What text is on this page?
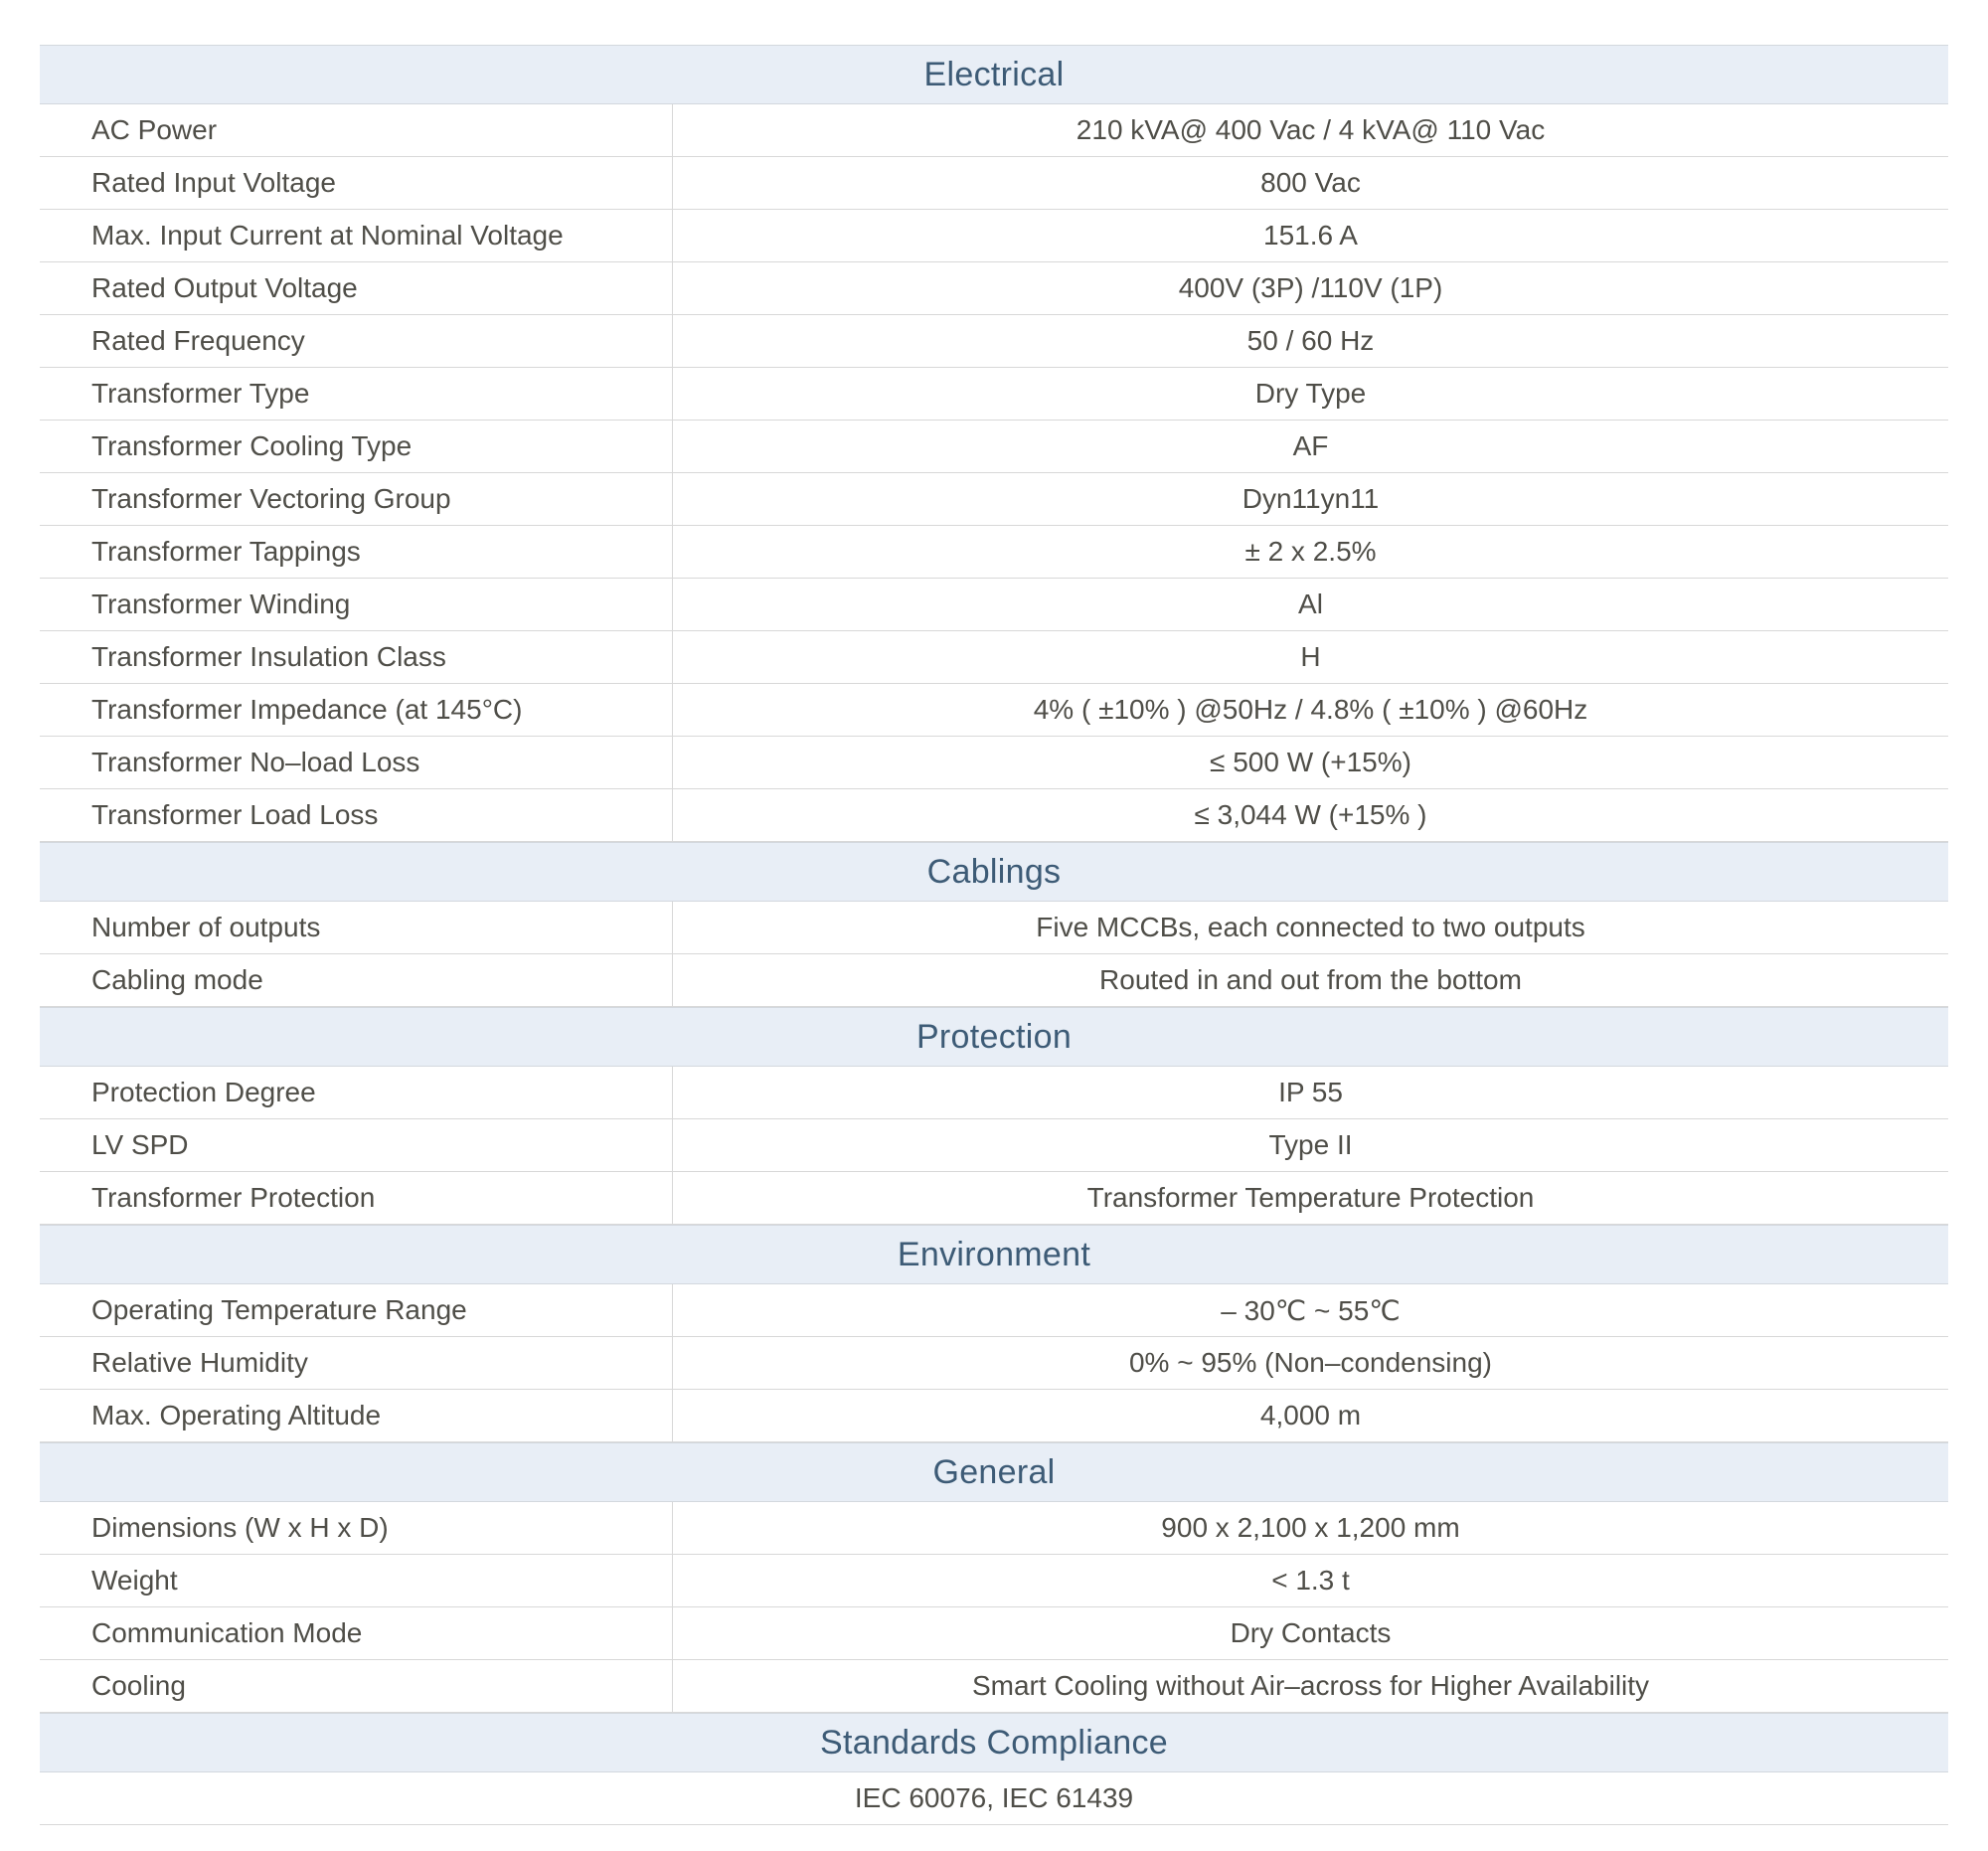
Electrical
AC Power	210 kVA@ 400 Vac / 4 kVA@ 110 Vac
Rated Input Voltage	800 Vac
Max. Input Current at Nominal Voltage	151.6 A
Rated Output Voltage	400V (3P) /110V (1P)
Rated Frequency	50 / 60 Hz
Transformer Type	Dry Type
Transformer Cooling Type	AF
Transformer Vectoring Group	Dyn11yn11
Transformer Tappings	± 2 x 2.5%
Transformer Winding	Al
Transformer Insulation Class	H
Transformer Impedance (at 145°C)	4% ( ±10% ) @50Hz / 4.8% ( ±10% ) @60Hz
Transformer No–load Loss	≤ 500 W (+15%)
Transformer Load Loss	≤ 3,044 W (+15% )
Cablings
Number of outputs	Five MCCBs, each connected to two outputs
Cabling mode	Routed in and out from the bottom
Protection
Protection Degree	IP 55
LV SPD	Type II
Transformer Protection	Transformer Temperature Protection
Environment
Operating Temperature Range	– 30℃ ~ 55℃
Relative Humidity	0% ~ 95% (Non–condensing)
Max. Operating Altitude	4,000 m
General
Dimensions (W x H x D)	900 x 2,100 x 1,200 mm
Weight	< 1.3 t
Communication Mode	Dry Contacts
Cooling	Smart Cooling without Air–across for Higher Availability
Standards Compliance
IEC 60076, IEC 61439
